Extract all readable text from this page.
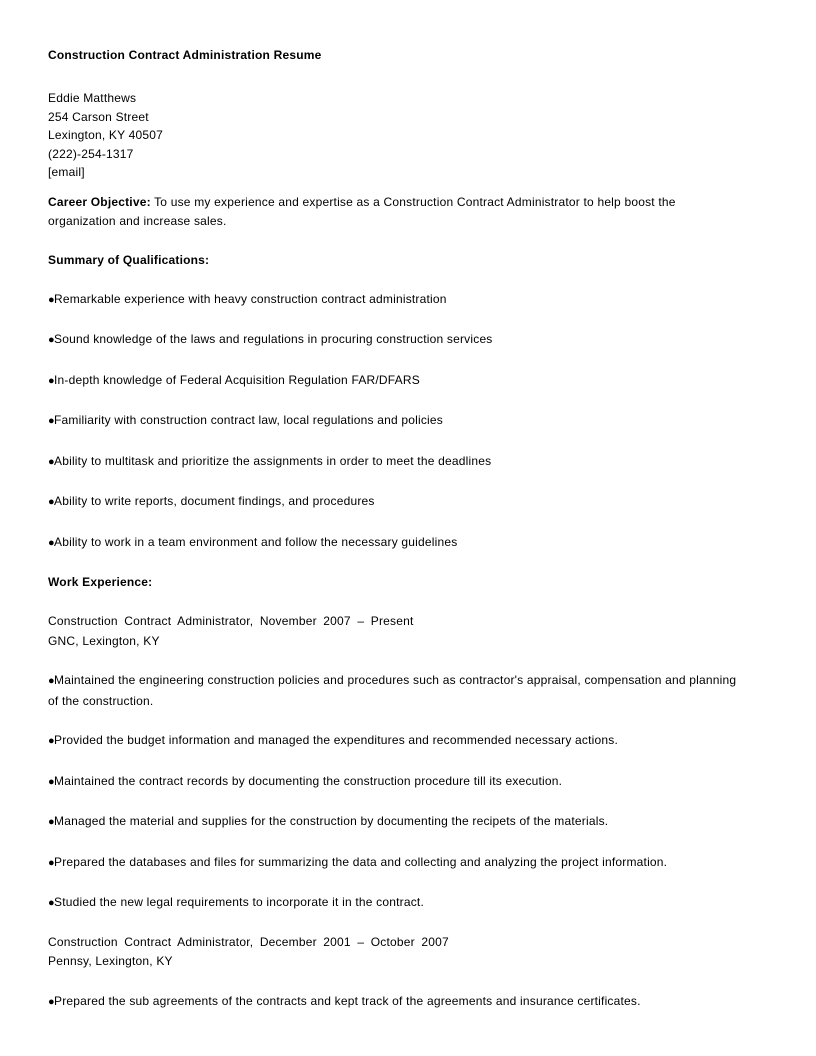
Construction Contract Administration Resume
Eddie Matthews
254 Carson Street
Lexington, KY 40507
(222)-254-1317
[email]
Career Objective: To use my experience and expertise as a Construction Contract Administrator to help boost the organization and increase sales.
Summary of Qualifications:
●Remarkable experience with heavy construction contract administration
●Sound knowledge of the laws and regulations in procuring construction services
●In-depth knowledge of Federal Acquisition Regulation FAR/DFARS
●Familiarity with construction contract law, local regulations and policies
●Ability to multitask and prioritize the assignments in order to meet the deadlines
●Ability to write reports, document findings, and procedures
●Ability to work in a team environment and follow the necessary guidelines
Work Experience:
Construction Contract Administrator, November 2007 – Present
GNC, Lexington, KY
●Maintained the engineering construction policies and procedures such as contractor's appraisal, compensation and planning of the construction.
●Provided the budget information and managed the expenditures and recommended necessary actions.
●Maintained the contract records by documenting the construction procedure till its execution.
●Managed the material and supplies for the construction by documenting the recipets of the materials.
●Prepared the databases and files for summarizing the data and collecting and analyzing the project information.
●Studied the new legal requirements to incorporate it in the contract.
Construction Contract Administrator, December 2001 – October 2007
Pennsy, Lexington, KY
●Prepared the sub agreements of the contracts and kept track of the agreements and insurance certificates.
